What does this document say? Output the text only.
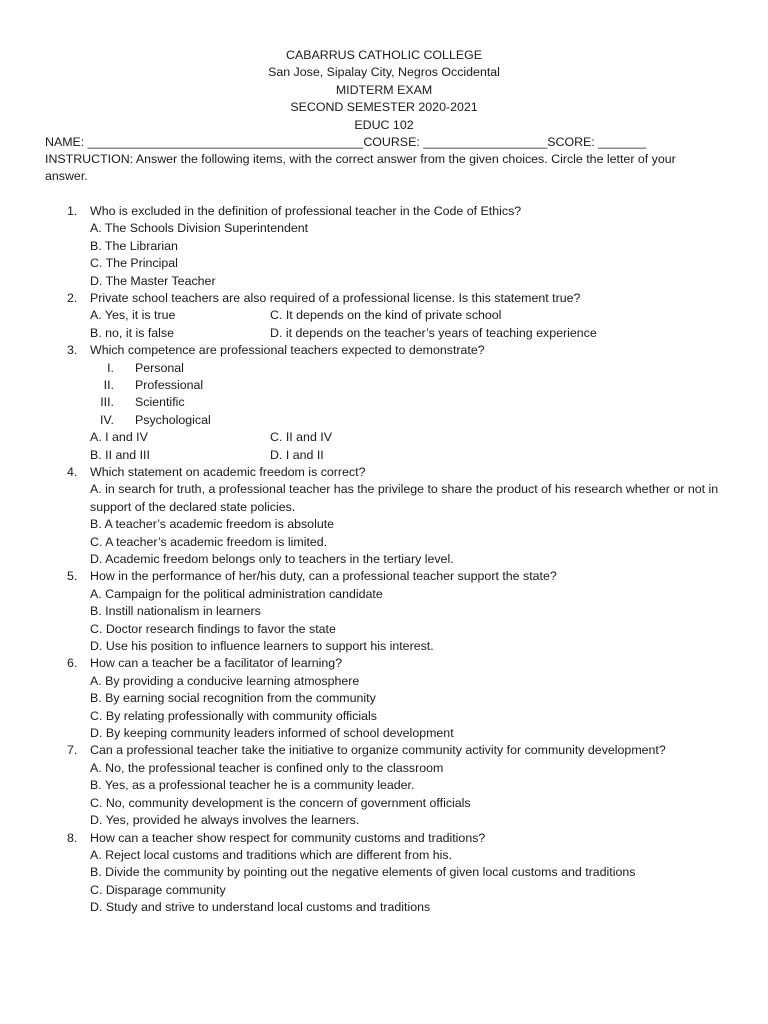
CABARRUS CATHOLIC COLLEGE
San Jose, Sipalay City, Negros Occidental
MIDTERM EXAM
SECOND SEMESTER 2020-2021
EDUC 102
NAME: ________________________________________COURSE: __________________SCORE: _______
INSTRUCTION: Answer the following items, with the correct answer from the given choices. Circle the letter of your answer.
1.	Who is excluded in the definition of professional teacher in the Code of Ethics?
A. The Schools Division Superintendent
B. The Librarian
C. The Principal
D. The Master Teacher
2.	Private school teachers are also required of a professional license. Is this statement true?
A. Yes, it is true	C. It depends on the kind of private school
B. no, it is false	D. it depends on the teacher’s years of teaching experience
3.	Which competence are professional teachers expected to demonstrate?
I. Personal
II. Professional
III. Scientific
IV. Psychological
A. I and IV	C. II and IV
B. II and III	D. I and II
4.	Which statement on academic freedom is correct?
A. in search for truth, a professional teacher has the privilege to share the product of his research whether or not in support of the declared state policies.
B. A teacher’s academic freedom is absolute
C. A teacher’s academic freedom is limited.
D. Academic freedom belongs only to teachers in the tertiary level.
5.	How in the performance of her/his duty, can a professional teacher support the state?
A. Campaign for the political administration candidate
B. Instill nationalism in learners
C. Doctor research findings to favor the state
D. Use his position to influence learners to support his interest.
6.	How can a teacher be a facilitator of learning?
A. By providing a conducive learning atmosphere
B. By earning social recognition from the community
C. By relating professionally with community officials
D. By keeping community leaders informed of school development
7.	Can a professional teacher take the initiative to organize community activity for community development?
A. No, the professional teacher is confined only to the classroom
B. Yes, as a professional teacher he is a community leader.
C. No, community development is the concern of government officials
D. Yes, provided he always involves the learners.
8.	How can a teacher show respect for community customs and traditions?
A. Reject local customs and traditions which are different from his.
B. Divide the community by pointing out the negative elements of given local customs and traditions
C. Disparage community
D. Study and strive to understand local customs and traditions
